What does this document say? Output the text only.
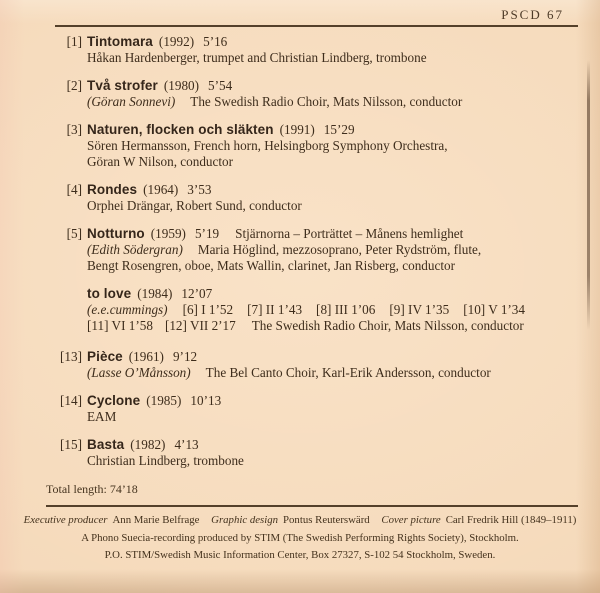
PSCD 67
[1] Tintomara (1992) 5’16
Håkan Hardenberger, trumpet and Christian Lindberg, trombone
[2] Två strofer (1980) 5’54
(Göran Sonnevi) The Swedish Radio Choir, Mats Nilsson, conductor
[3] Naturen, flocken och släkten (1991) 15’29
Sören Hermansson, French horn, Helsingborg Symphony Orchestra,
Göran W Nilson, conductor
[4] Rondes (1964) 3’53
Orphei Drängar, Robert Sund, conductor
[5] Notturno (1959) 5’19 Stjärnorna – Porträttet – Månens hemlighet
(Edith Södergran) Maria Höglind, mezzosoprano, Peter Rydström, flute,
Bengt Rosengren, oboe, Mats Wallin, clarinet, Jan Risberg, conductor
to love (1984) 12’07
(e.e.cummings) [6] I 1’52 [7] II 1’43 [8] III 1’06 [9] IV 1’35 [10] V 1’34
[11] VI 1’58 [12] VII 2’17 The Swedish Radio Choir, Mats Nilsson, conductor
[13] Pièce (1961) 9’12
(Lasse O’Månsson) The Bel Canto Choir, Karl-Erik Andersson, conductor
[14] Cyclone (1985) 10’13
EAM
[15] Basta (1982) 4’13
Christian Lindberg, trombone
Total length: 74’18
Executive producer Ann Marie Belfrage Graphic design Pontus Reuterswärd Cover picture Carl Fredrik Hill (1849–1911)
A Phono Suecia-recording produced by STIM (The Swedish Performing Rights Society), Stockholm.
P.O. STIM/Swedish Music Information Center, Box 27327, S-102 54 Stockholm, Sweden.
